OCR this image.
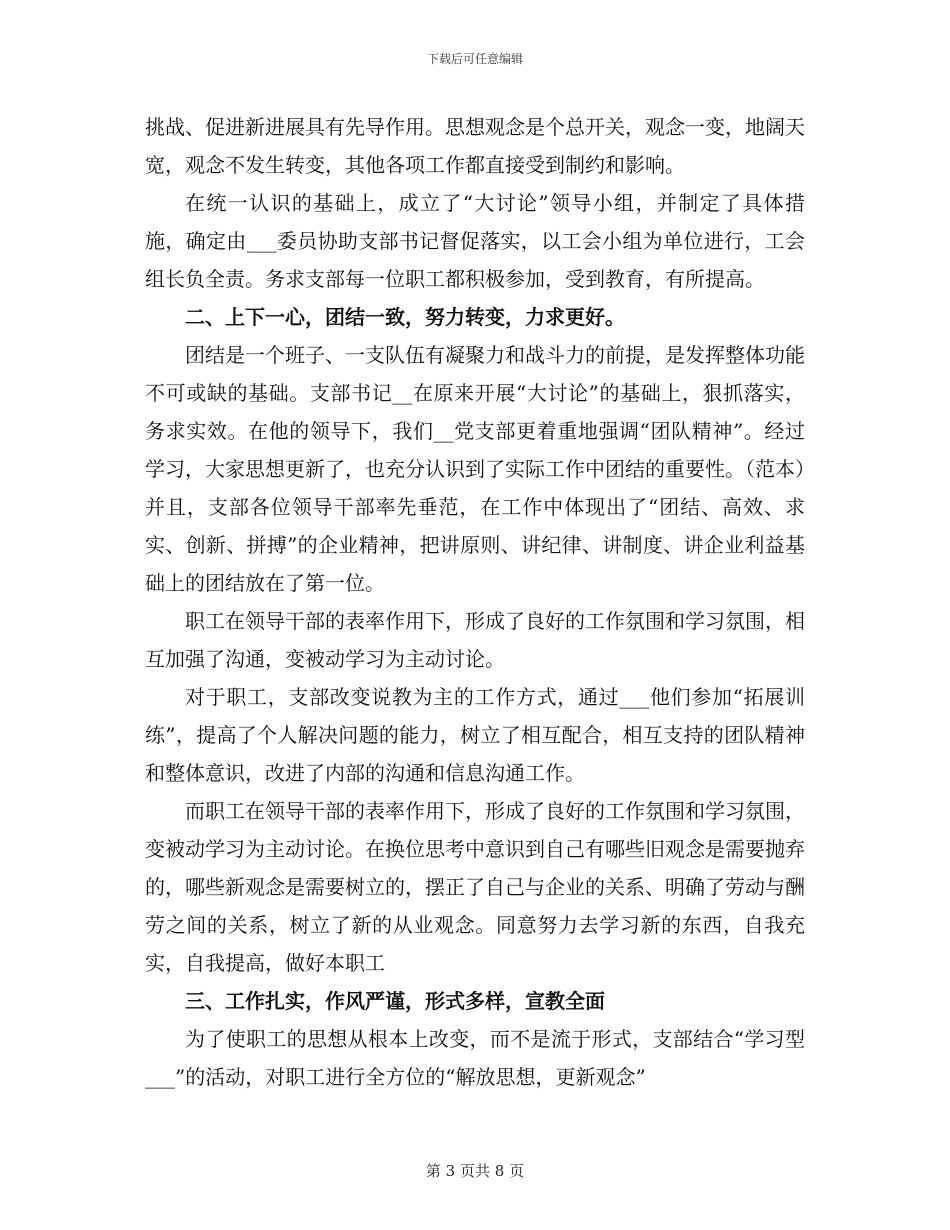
下载后可任意编辑

挑战、促进新进展具有先导作用。思想观念是个总开关，观念一变，地阔天宽，观念不发生转变，其他各项工作都直接受到制约和影响。

在统一认识的基础上，成立了“大讨论”领导小组，并制定了具体措施，确定由___委员协助支部书记督促落实，以工会小组为单位进行，工会组长负全责。务求支部每一位职工都积极参加，受到教育，有所提高。

二、上下一心，团结一致，努力转变，力求更好。

团结是一个班子、一支队伍有凝聚力和战斗力的前提，是发挥整体功能不可或缺的基础。支部书记__在原来开展“大讨论”的基础上，狠抓落实，务求实效。在他的领导下，我们__党支部更着重地强调“团队精神”。经过学习，大家思想更新了，也充分认识到了实际工作中团结的重要性。（范本）并且，支部各位领导干部率先垂范，在工作中体现出了“团结、高效、求实、创新、拼搏”的企业精神，把讲原则、讲纪律、讲制度、讲企业利益基础上的团结放在了第一位。

职工在领导干部的表率作用下，形成了良好的工作氛围和学习氛围，相互加强了沟通，变被动学习为主动讨论。

对于职工，支部改变说教为主的工作方式，通过___他们参加“拓展训练”，提高了个人解决问题的能力，树立了相互配合，相互支持的团队精神和整体意识，改进了内部的沟通和信息沟通工作。

而职工在领导干部的表率作用下，形成了良好的工作氛围和学习氛围，变被动学习为主动讨论。在换位思考中意识到自己有哪些旧观念是需要抛弃的，哪些新观念是需要树立的，摆正了自己与企业的关系、明确了劳动与酬劳之间的关系，树立了新的从业观念。同意努力去学习新的东西，自我充实，自我提高，做好本职工

三、工作扎实，作风严谨，形式多样，宣教全面

为了使职工的思想从根本上改变，而不是流于形式，支部结合“学习型___”的活动，对职工进行全方位的“解放思想，更新观念”

第 3 页共 8 页
